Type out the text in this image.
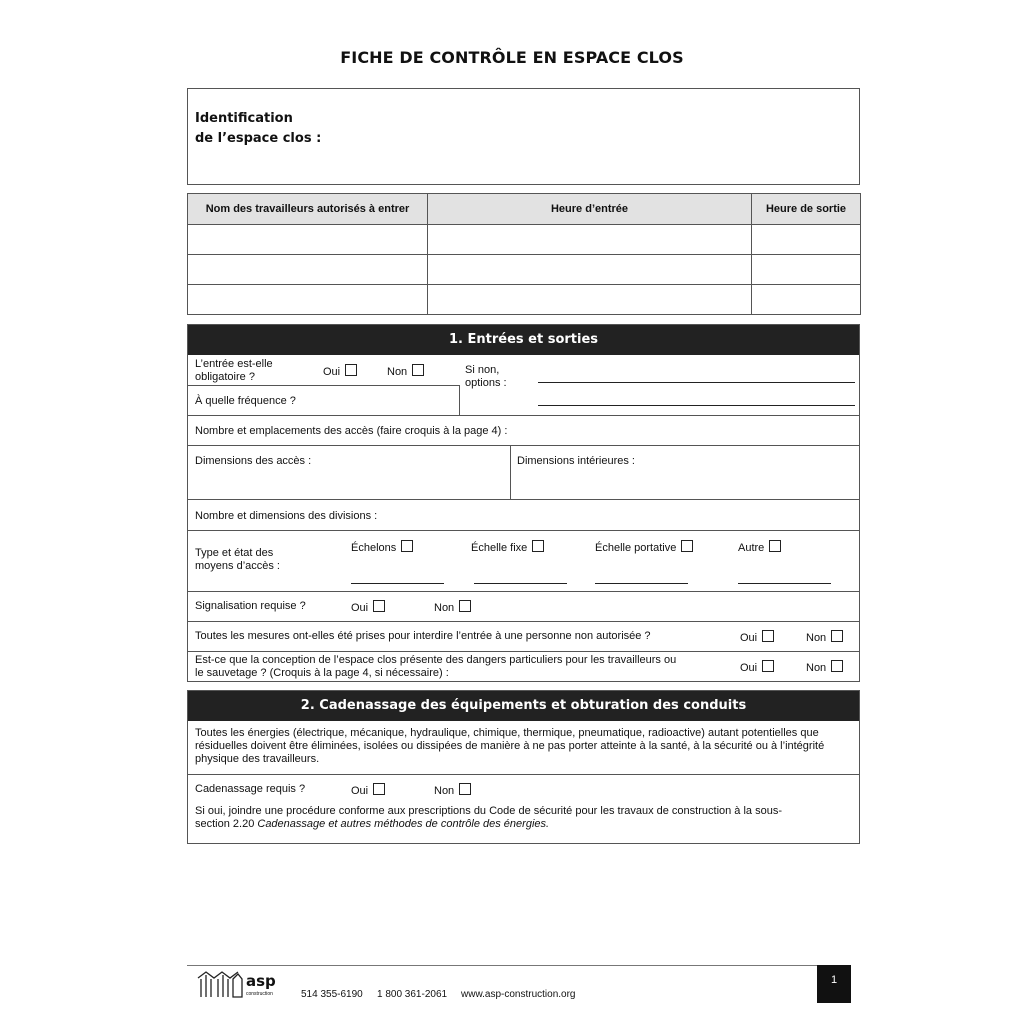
FICHE DE CONTRÔLE EN ESPACE CLOS
Identification
de l’espace clos :
Nom des travailleurs autorisés à entrer	Heure d’entrée	Heure de sortie

1. Entrées et sorties
L’entrée est-elle
obligatoire ?	Oui	Non	Si non,
options :
À quelle fréquence ?
Nombre et emplacements des accès (faire croquis à la page 4) :
Dimensions des accès :	Dimensions intérieures :
Nombre et dimensions des divisions :
Type et état des
moyens d’accès :
Échelons	Échelle fixe	Échelle portative	Autre
Signalisation requise ?	Oui	Non
Toutes les mesures ont-elles été prises pour interdire l’entrée à une personne non autorisée ?	Oui	Non
Est-ce que la conception de l’espace clos présente des dangers particuliers pour les travailleurs ou
le sauvetage ? (Croquis à la page 4, si nécessaire) :	Oui	Non
2. Cadenassage des équipements et obturation des conduits
Toutes les énergies (électrique, mécanique, hydraulique, chimique, thermique, pneumatique, radioactive) autant potentielles que
résiduelles doivent être éliminées, isolées ou dissipées de manière à ne pas porter atteinte à la santé, à la sécurité ou à l’intégrité
physique des travailleurs.
Cadenassage requis ?	Oui	Non
Si oui, joindre une procédure conforme aux prescriptions du Code de sécurité pour les travaux de construction à la sous-
section 2.20 Cadenassage et autres méthodes de contrôle des énergies.
asp
construction	514 355-6190 1 800 361-2061 www.asp-construction.org
1
